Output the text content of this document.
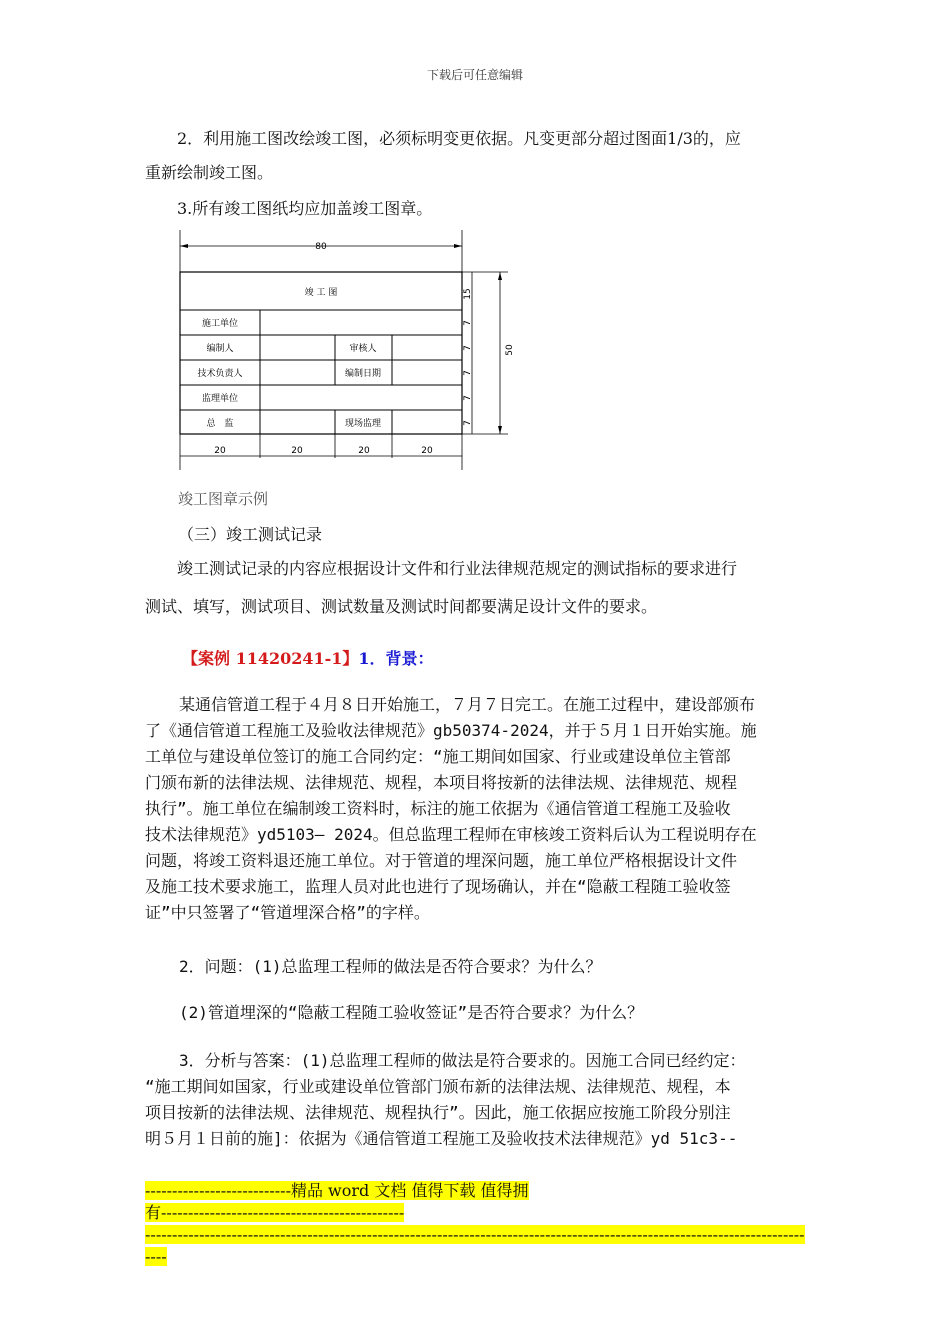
下载后可任意编辑
2．利用施工图改绘竣工图，必须标明变更依据。凡变更部分超过图面1/3的，应
重新绘制竣工图。
3.所有竣工图纸均应加盖竣工图章。
80
竣 工 图
施工单位
编制人	审核人
技术负责人	编制日期
监理单位
总　监	现场监理
15
7
7
7
7
7
50
20	20	20	20
竣工图章示例
（三）竣工测试记录
竣工测试记录的内容应根据设计文件和行业法律规范规定的测试指标的要求进行
测试、填写，测试项目、测试数量及测试时间都要满足设计文件的要求。
【案例 11420241-1】1．背景：
某通信管道工程于４月８日开始施工，７月７日完工。在施工过程中，建设部颁布
了《通信管道工程施工及验收法律规范》gb50374-2024，并于５月１日开始实施。施
工单位与建设单位签订的施工合同约定：“施工期间如国家、行业或建设单位主管部
门颁布新的法律法规、法律规范、规程，本项目将按新的法律法规、法律规范、规程
执行”。施工单位在编制竣工资料时，标注的施工依据为《通信管道工程施工及验收
技术法律规范》yd5103— 2024。但总监理工程师在审核竣工资料后认为工程说明存在
问题，将竣工资料退还施工单位。对于管道的埋深问题，施工单位严格根据设计文件
及施工技术要求施工，监理人员对此也进行了现场确认，并在“隐蔽工程随工验收签
证”中只签署了“管道埋深合格”的字样。
2．问题：(1)总监理工程师的做法是否符合要求？为什么？
(2)管道埋深的“隐蔽工程随工验收签证”是否符合要求？为什么？
3．分析与答案：(1)总监理工程师的做法是符合要求的。因施工合同已经约定：
“施工期间如国家，行业或建设单位管部门颁布新的法律法规、法律规范、规程，本
项目按新的法律法规、法律规范、规程执行”。因此，施工依据应按施工阶段分别注
明５月１日前的施]：依据为《通信管道工程施工及验收技术法律规范》yd 51c3--
---------------------------精品 word 文档 值得下载 值得拥
有---------------------------------------------
------------------------------------------------------------------------------------------------------------------------------
